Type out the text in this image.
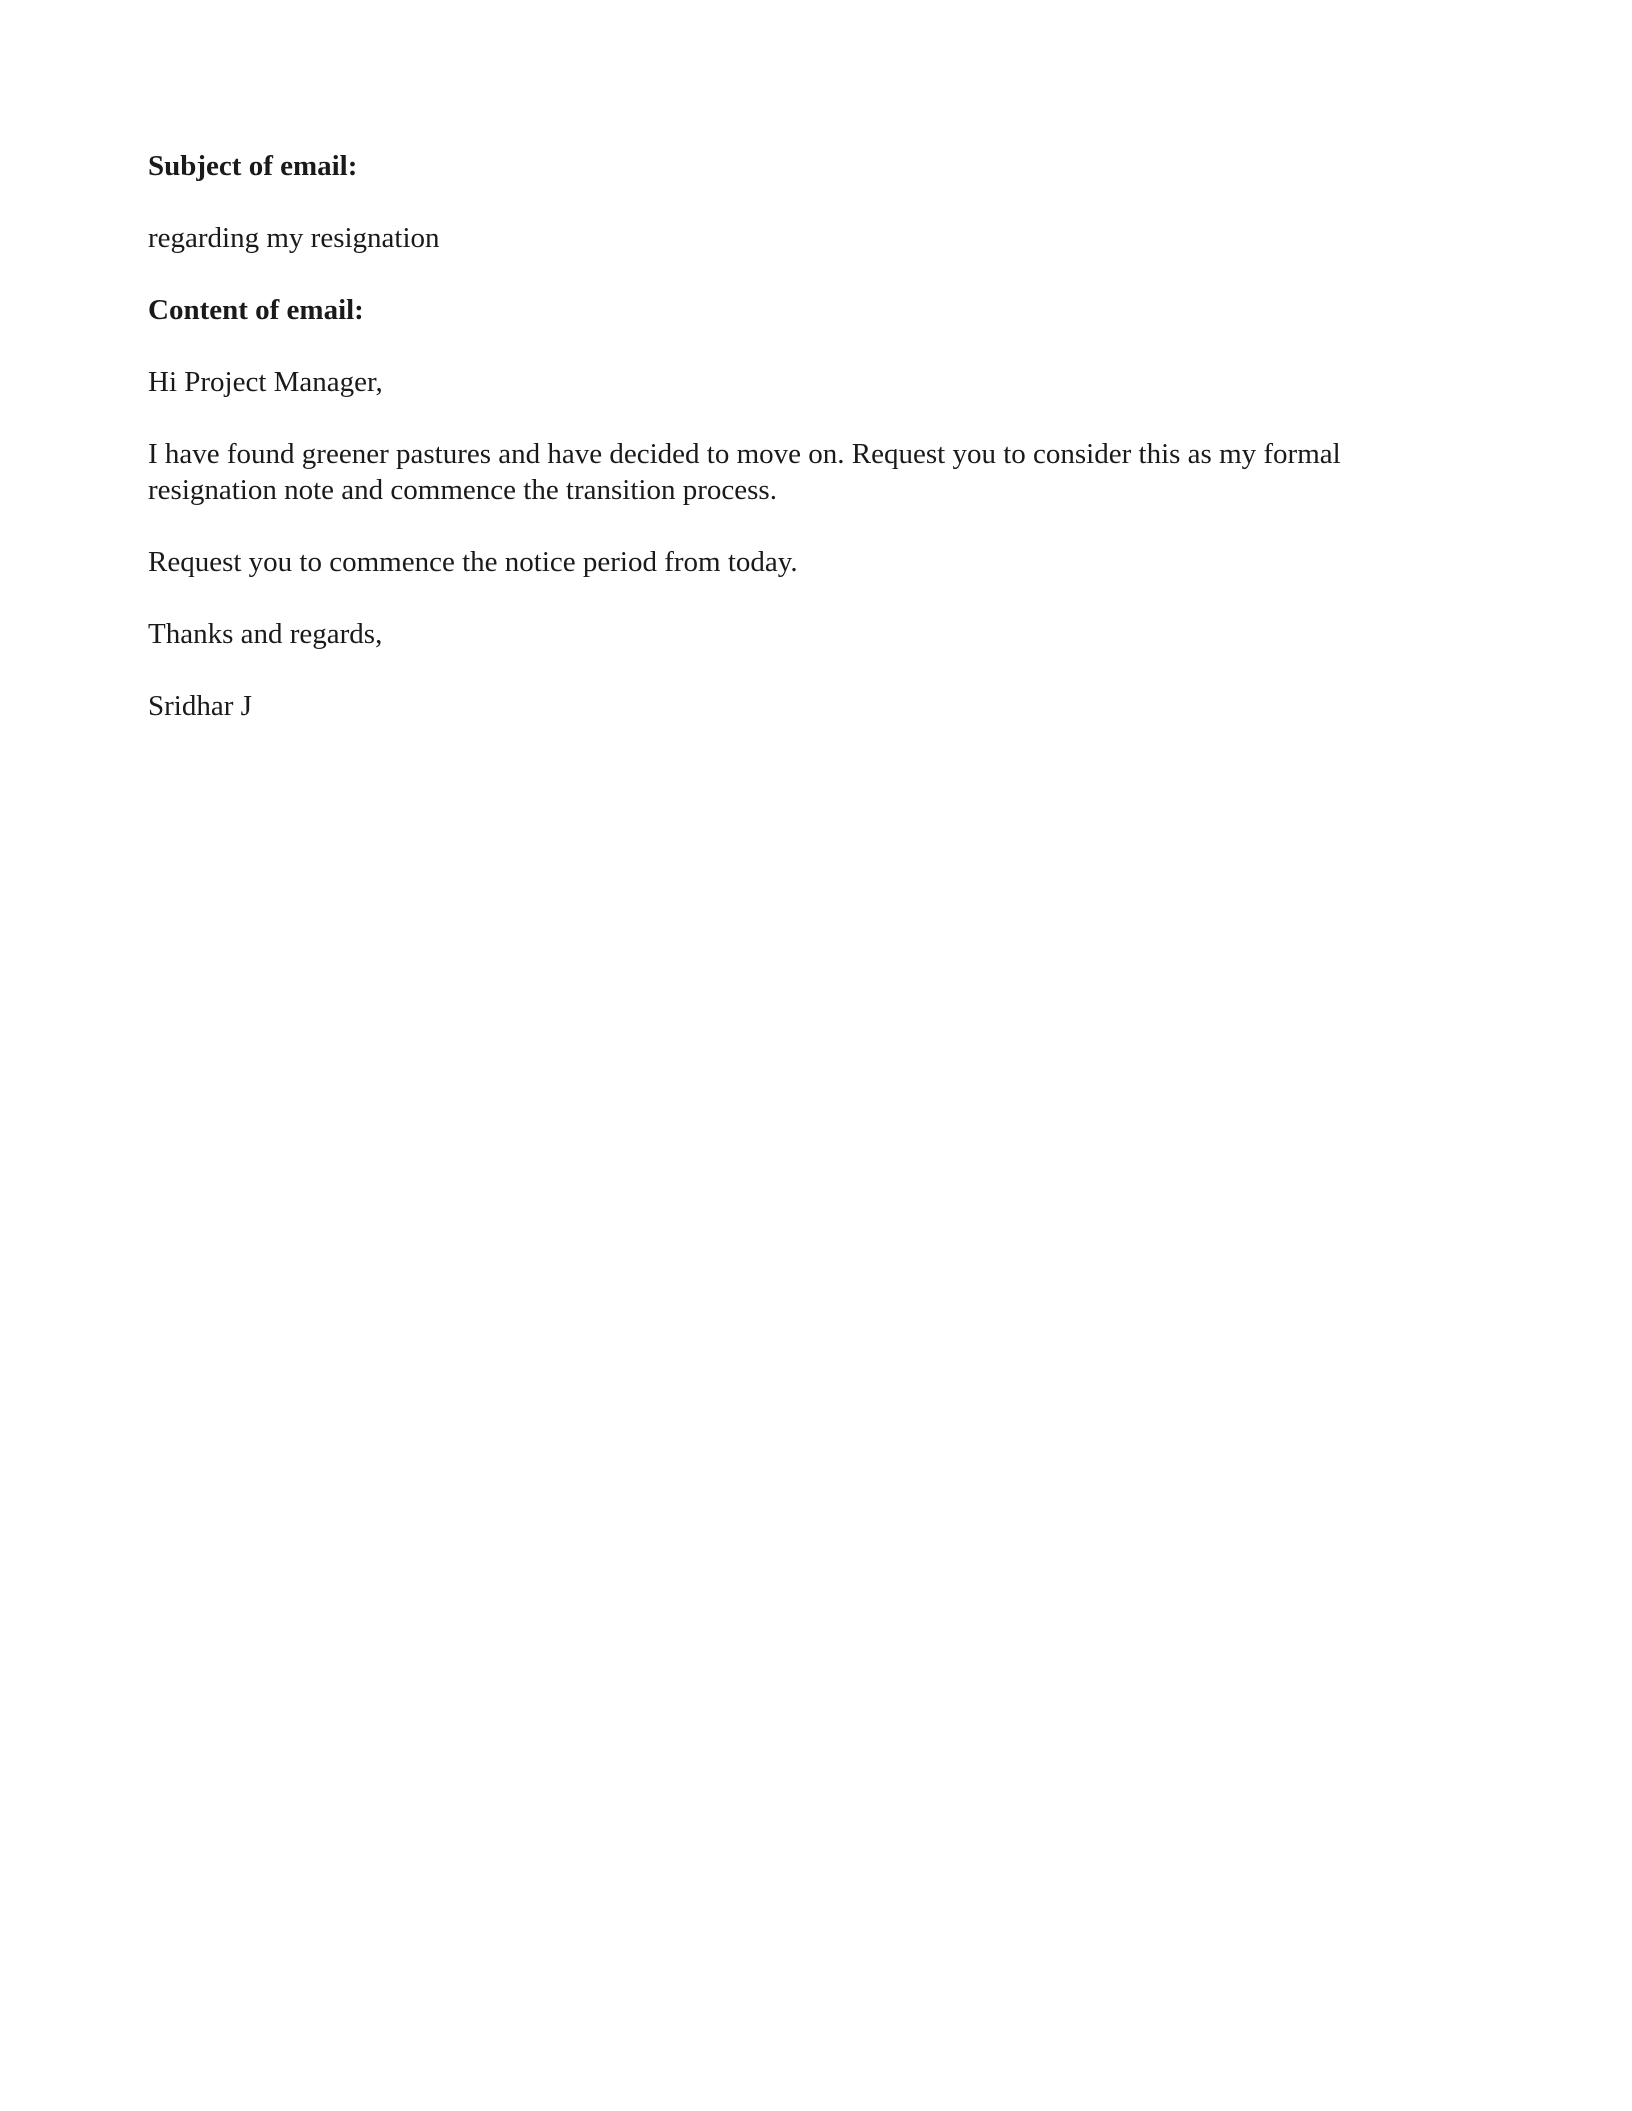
Subject of email:

regarding my resignation

Content of email:

Hi Project Manager,

I have found greener pastures and have decided to move on. Request you to consider this as my formal

resignation note and commence the transition process.

Request you to commence the notice period from today.

Thanks and regards,

Sridhar J
